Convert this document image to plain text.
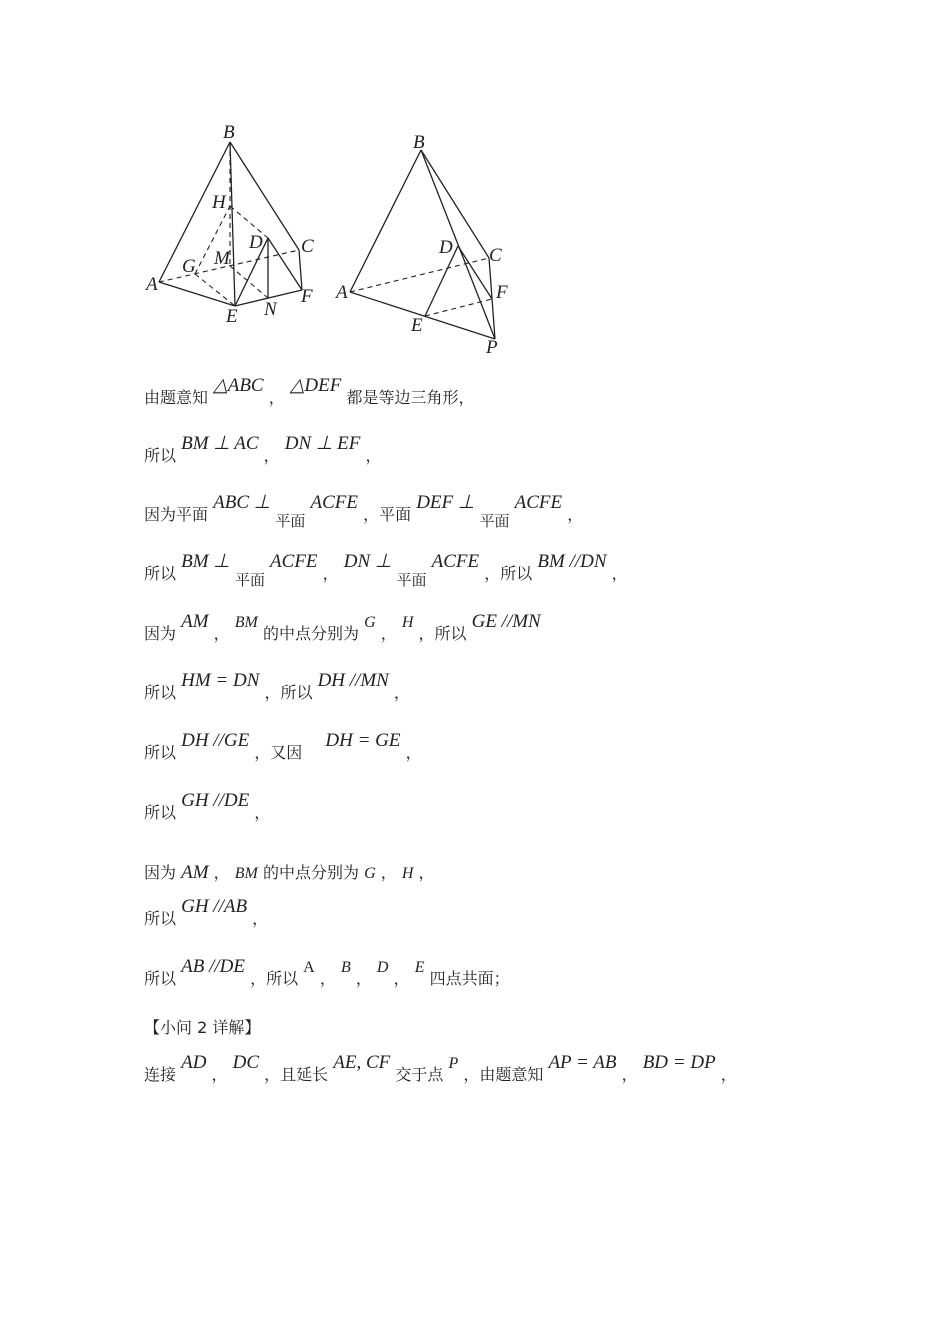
B
H
D C
G M
A
F
E N
B
D C
A	F
E
P
由题意知 △ABC ， △DEF 都是等边三角形，
所以 BM ⊥ AC ， DN ⊥ EF ，
因为平面 ABC ⊥ 平面 ACFE ，平面 DEF ⊥ 平面 ACFE ，
所以 BM ⊥ 平面 ACFE ， DN ⊥ 平面 ACFE ，所以 BM //DN ，
因为 AM ， BM 的中点分别为 G ， H ，所以 GE //MN
所以 HM = DN ，所以 DH //MN ，
所以 DH //GE ，又因 DH = GE ，
所以 GH //DE ，
因为 AM ， BM 的中点分别为 G ， H ，
所以 GH //AB ，
所以 AB //DE ，所以 A ， B ， D ， E 四点共面；
【小问 2 详解】
连接 AD ， DC ，且延长 AE, CF 交于点 P ，由题意知 AP = AB ， BD = DP ，
